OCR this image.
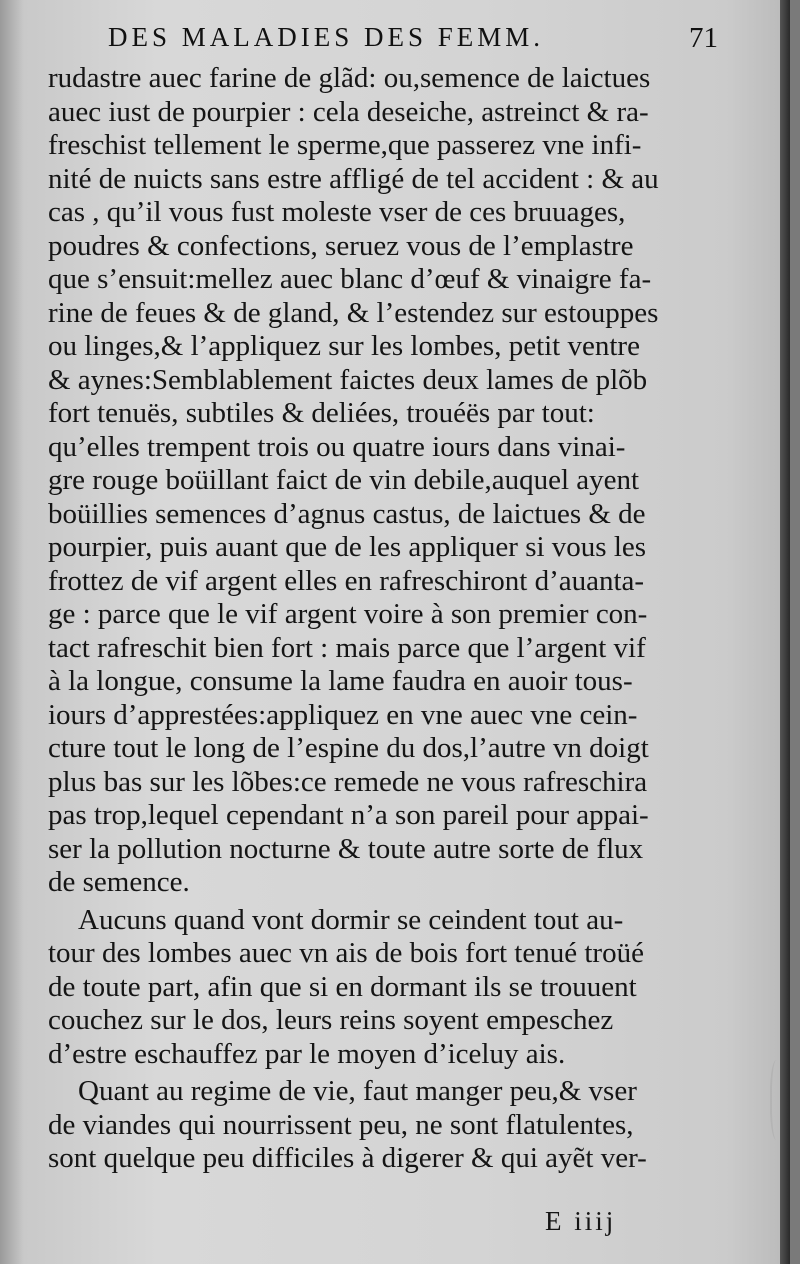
DES MALADIES DES FEMM.	71
rudastre auec farine de glãd: ou,semence de laictues
auec iust de pourpier : cela deseiche, astreinct & ra-
freschist tellement le sperme,que passerez vne infi-
nité de nuicts sans estre affligé de tel accident : & au
cas , qu’il vous fust moleste vser de ces bruuages,
poudres & confections, seruez vous de l’emplastre
que s’ensuit:mellez auec blanc d’œuf & vinaigre fa-
rine de feues & de gland, & l’estendez sur estouppes
ou linges,& l’appliquez sur les lombes, petit ventre
& aynes:Semblablement faictes deux lames de plõb
fort tenuës, subtiles & deliées, trouéës par tout:
qu’elles trempent trois ou quatre iours dans vinai-
gre rouge boüillant faict de vin debile,auquel ayent
boüillies semences d’agnus castus, de laictues & de
pourpier, puis auant que de les appliquer si vous les
frottez de vif argent elles en rafreschiront d’auanta-
ge : parce que le vif argent voire à son premier con-
tact rafreschit bien fort : mais parce que l’argent vif
à la longue, consume la lame faudra en auoir tous-
iours d’apprestées:appliquez en vne auec vne cein-
cture tout le long de l’espine du dos,l’autre vn doigt
plus bas sur les lõbes:ce remede ne vous rafreschira
pas trop,lequel cependant n’a son pareil pour appai-
ser la pollution nocturne & toute autre sorte de flux
de semence.
Aucuns quand vont dormir se ceindent tout au-
tour des lombes auec vn ais de bois fort tenué troüé
de toute part, afin que si en dormant ils se trouuent
couchez sur le dos, leurs reins soyent empeschez
d’estre eschauffez par le moyen d’iceluy ais.
Quant au regime de vie, faut manger peu,& vser
de viandes qui nourrissent peu, ne sont flatulentes,
sont quelque peu difficiles à digerer & qui ayẽt ver-
E iiij
